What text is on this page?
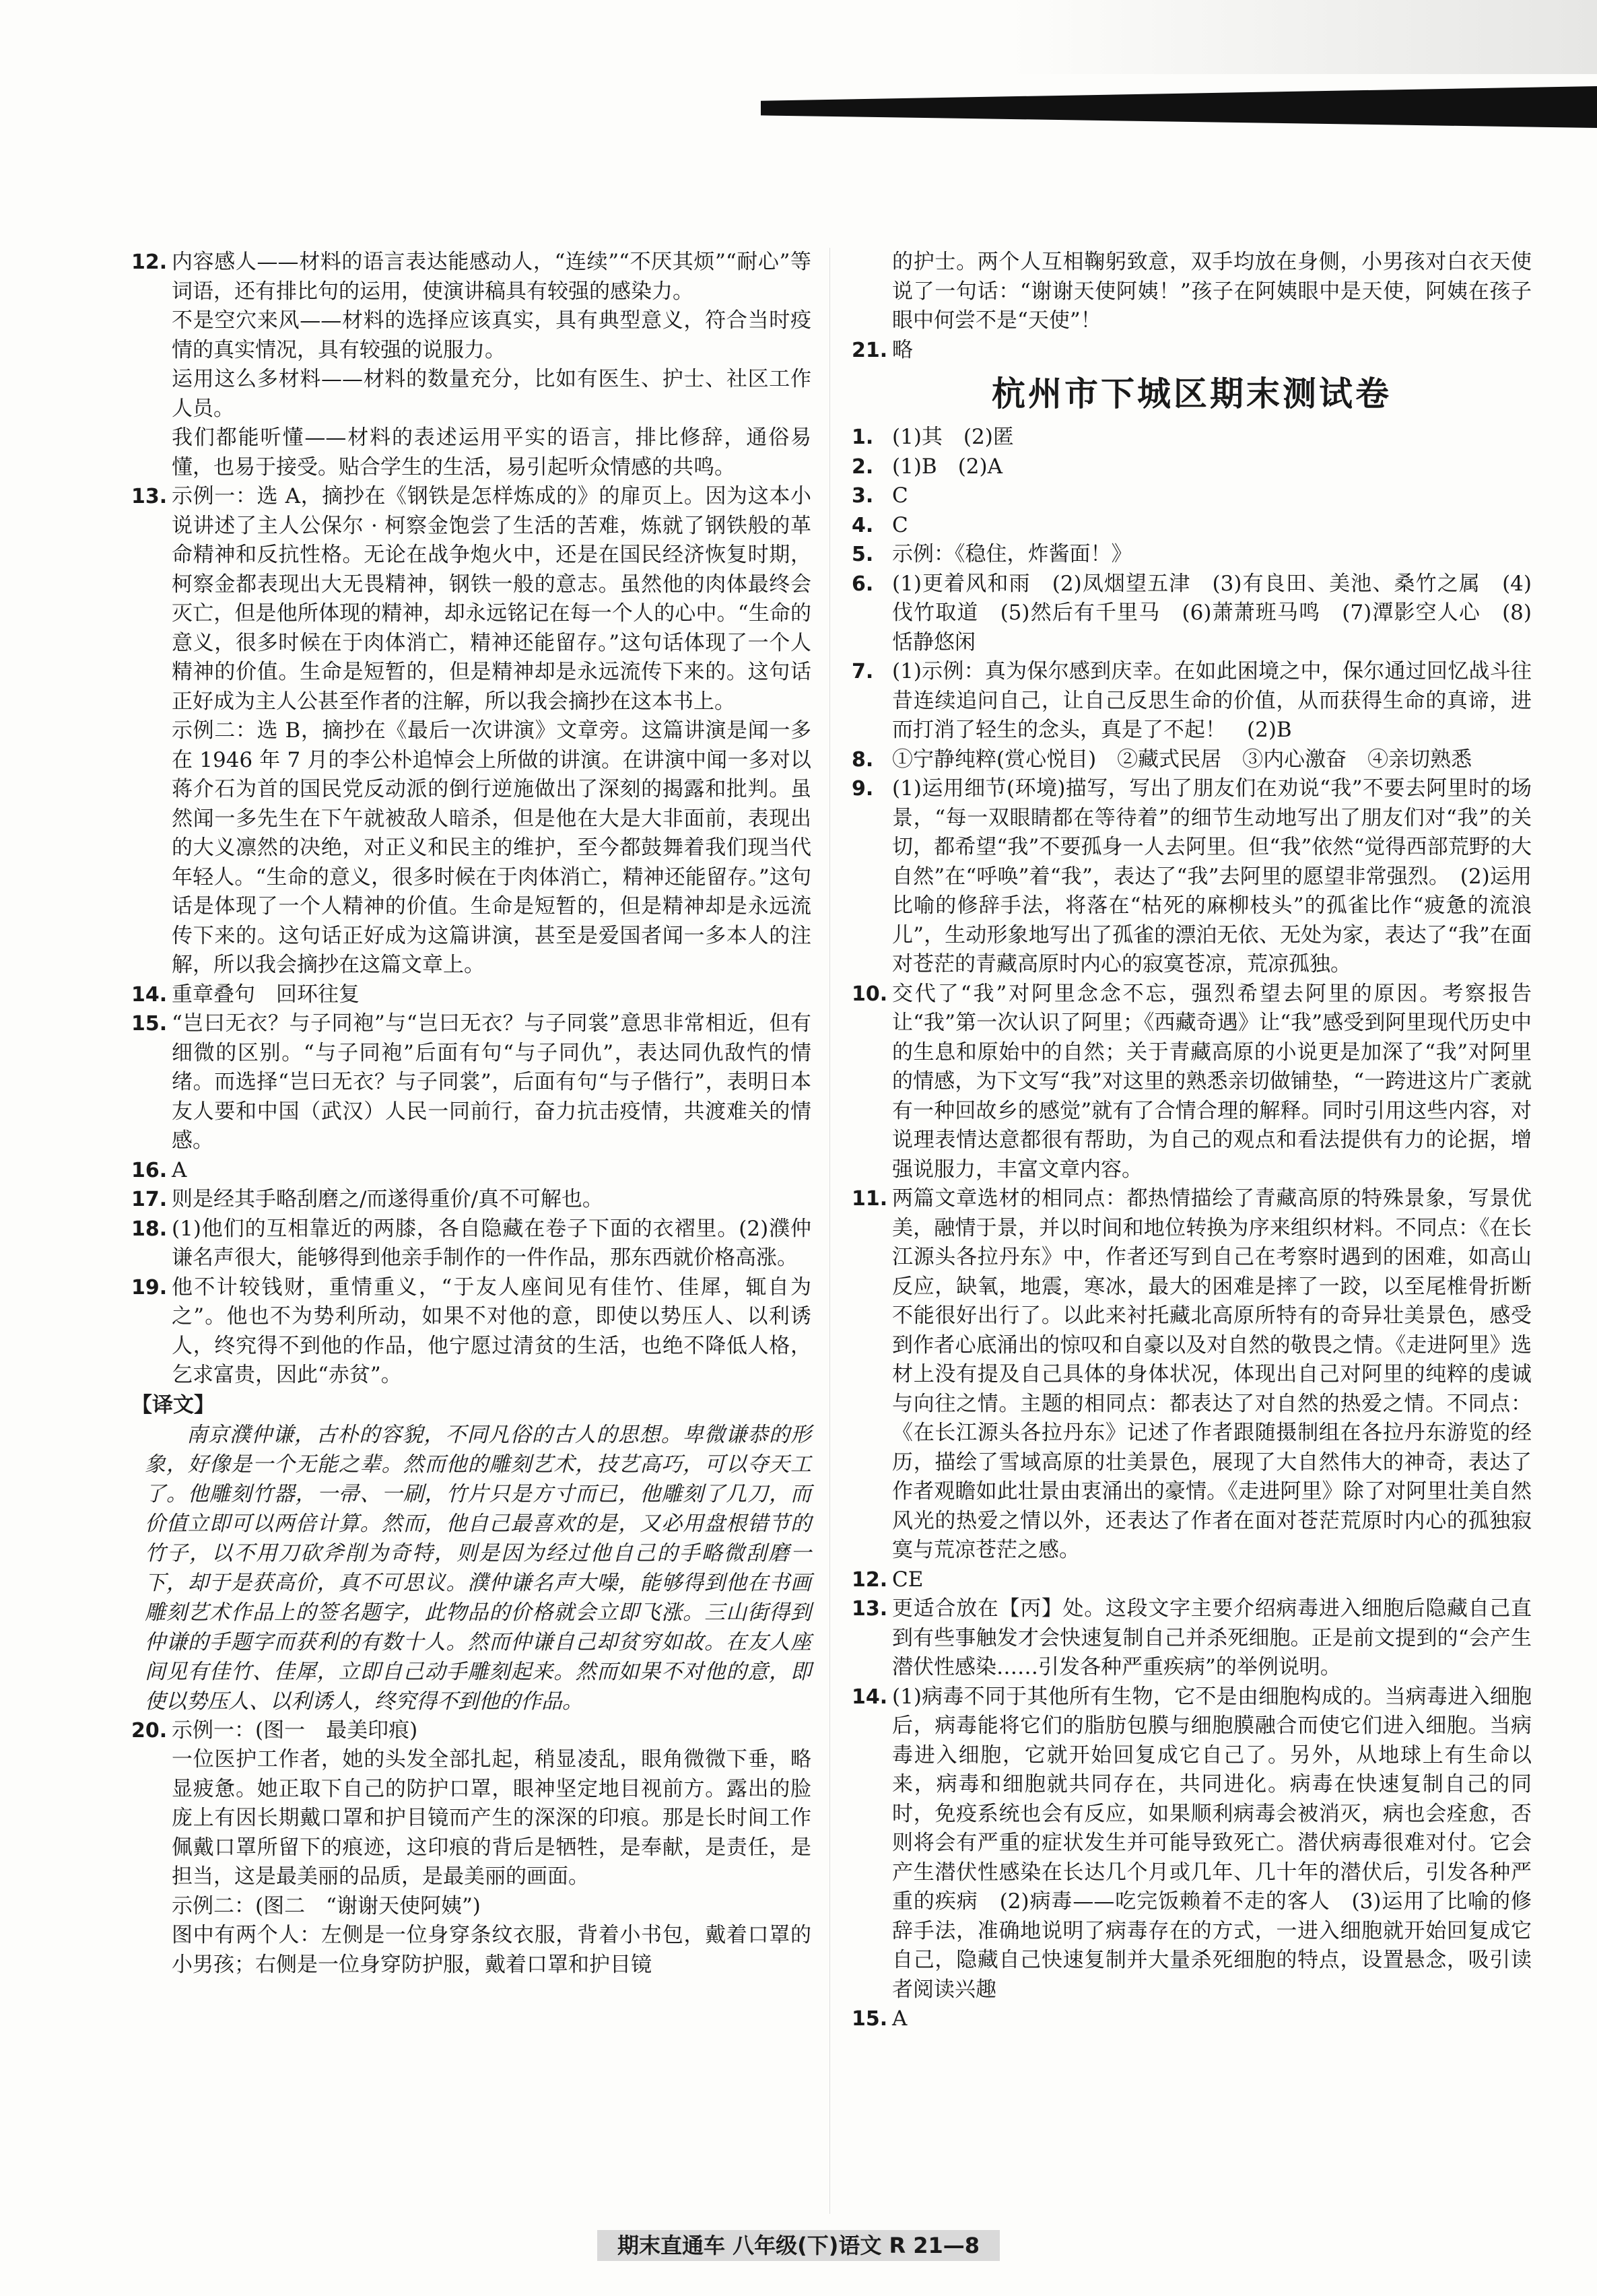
12. 内容感人——材料的语言表达能感动人，“连续”“不厌其烦”“耐心”等词语，还有排比句的运用，使演讲稿具有较强的感染力。

不是空穴来风——材料的选择应该真实，具有典型意义，符合当时疫情的真实情况，具有较强的说服力。

运用这么多材料——材料的数量充分，比如有医生、护士、社区工作人员。

我们都能听懂——材料的表述运用平实的语言，排比修辞，通俗易懂，也易于接受。贴合学生的生活，易引起听众情感的共鸣。

13. 示例一：选 A，摘抄在《钢铁是怎样炼成的》的扉页上。因为这本小说讲述了主人公保尔 · 柯察金饱尝了生活的苦难，炼就了钢铁般的革命精神和反抗性格。无论在战争炮火中，还是在国民经济恢复时期，柯察金都表现出大无畏精神，钢铁一般的意志。虽然他的肉体最终会灭亡，但是他所体现的精神，却永远铭记在每一个人的心中。“生命的意义，很多时候在于肉体消亡，精神还能留存。”这句话体现了一个人精神的价值。生命是短暂的，但是精神却是永远流传下来的。这句话正好成为主人公甚至作者的注解，所以我会摘抄在这本书上。

示例二：选 B，摘抄在《最后一次讲演》文章旁。这篇讲演是闻一多在 1946 年 7 月的李公朴追悼会上所做的讲演。在讲演中闻一多对以蒋介石为首的国民党反动派的倒行逆施做出了深刻的揭露和批判。虽然闻一多先生在下午就被敌人暗杀，但是他在大是大非面前，表现出的大义凛然的决绝，对正义和民主的维护，至今都鼓舞着我们现当代年轻人。“生命的意义，很多时候在于肉体消亡，精神还能留存。”这句话是体现了一个人精神的价值。生命是短暂的，但是精神却是永远流传下来的。这句话正好成为这篇讲演，甚至是爱国者闻一多本人的注解，所以我会摘抄在这篇文章上。

14. 重章叠句　回环往复

15. “岂曰无衣？与子同袍”与“岂曰无衣？与子同裳”意思非常相近，但有细微的区别。“与子同袍”后面有句“与子同仇”，表达同仇敌忾的情绪。而选择“岂曰无衣？与子同裳”，后面有句“与子偕行”，表明日本友人要和中国（武汉）人民一同前行，奋力抗击疫情，共渡难关的情感。

16. A

17. 则是经其手略刮磨之/而遂得重价/真不可解也。

18. (1)他们的互相靠近的两膝，各自隐藏在卷子下面的衣褶里。(2)濮仲谦名声很大，能够得到他亲手制作的一件作品，那东西就价格高涨。

19. 他不计较钱财，重情重义，“于友人座间见有佳竹、佳犀，辄自为之”。他也不为势利所动，如果不对他的意，即使以势压人、以利诱人，终究得不到他的作品，他宁愿过清贫的生活，也绝不降低人格，乞求富贵，因此“赤贫”。

【译文】
南京濮仲谦，古朴的容貌，不同凡俗的古人的思想。卑微谦恭的形象，好像是一个无能之辈。然而他的雕刻艺术，技艺高巧，可以夺天工了。他雕刻竹器，一帚、一刷，竹片只是方寸而已，他雕刻了几刀，而价值立即可以两倍计算。然而，他自己最喜欢的是，又必用盘根错节的竹子，以不用刀砍斧削为奇特，则是因为经过他自己的手略微刮磨一下，却于是获高价，真不可思议。濮仲谦名声大噪，能够得到他在书画雕刻艺术作品上的签名题字，此物品的价格就会立即飞涨。三山街得到仲谦的手题字而获利的有数十人。然而仲谦自己却贫穷如故。在友人座间见有佳竹、佳犀，立即自己动手雕刻起来。然而如果不对他的意，即使以势压人、以利诱人，终究得不到他的作品。
20. 示例一：(图一　最美印痕)

一位医护工作者，她的头发全部扎起，稍显凌乱，眼角微微下垂，略显疲惫。她正取下自己的防护口罩，眼神坚定地目视前方。露出的脸庞上有因长期戴口罩和护目镜而产生的深深的印痕。那是长时间工作佩戴口罩所留下的痕迹，这印痕的背后是牺牲，是奉献，是责任，是担当，这是最美丽的品质，是最美丽的画面。

示例二：(图二　“谢谢天使阿姨”)

图中有两个人：左侧是一位身穿条纹衣服，背着小书包，戴着口罩的小男孩；右侧是一位身穿防护服，戴着口罩和护目镜

的护士。两个人互相鞠躬致意，双手均放在身侧，小男孩对白衣天使说了一句话：“谢谢天使阿姨！”孩子在阿姨眼中是天使，阿姨在孩子眼中何尝不是“天使”！
21. 略

杭州市下城区期末测试卷
1. (1)其　(2)匿

2. (1)B　(2)A

3. C

4. C

5. 示例：《稳住，炸酱面！》

6. (1)更着风和雨　(2)凤烟望五津　(3)有良田、美池、桑竹之属　(4)伐竹取道　(5)然后有千里马　(6)萧萧班马鸣　(7)潭影空人心　(8)恬静悠闲

7. (1)示例：真为保尔感到庆幸。在如此困境之中，保尔通过回忆战斗往昔连续追问自己，让自己反思生命的价值，从而获得生命的真谛，进而打消了轻生的念头，真是了不起！　(2)B

8. ①宁静纯粹(赏心悦目)　②藏式民居　③内心激奋　④亲切熟悉

9. (1)运用细节(环境)描写，写出了朋友们在劝说“我”不要去阿里时的场景，“每一双眼睛都在等待着”的细节生动地写出了朋友们对“我”的关切，都希望“我”不要孤身一人去阿里。但“我”依然“觉得西部荒野的大自然”在“呼唤”着“我”，表达了“我”去阿里的愿望非常强烈。　(2)运用比喻的修辞手法，将落在“枯死的麻柳枝头”的孤雀比作“疲惫的流浪儿”，生动形象地写出了孤雀的漂泊无依、无处为家，表达了“我”在面对苍茫的青藏高原时内心的寂寞苍凉，荒凉孤独。

10. 交代了“我”对阿里念念不忘，强烈希望去阿里的原因。考察报告让“我”第一次认识了阿里；《西藏奇遇》让“我”感受到阿里现代历史中的生息和原始中的自然；关于青藏高原的小说更是加深了“我”对阿里的情感，为下文写“我”对这里的熟悉亲切做铺垫，“一跨进这片广袤就有一种回故乡的感觉”就有了合情合理的解释。同时引用这些内容，对说理表情达意都很有帮助，为自己的观点和看法提供有力的论据，增强说服力，丰富文章内容。

11. 两篇文章选材的相同点：都热情描绘了青藏高原的特殊景象，写景优美，融情于景，并以时间和地位转换为序来组织材料。不同点：《在长江源头各拉丹东》中，作者还写到自己在考察时遇到的困难，如高山反应，缺氧，地震，寒冰，最大的困难是摔了一跤，以至尾椎骨折断不能很好出行了。以此来衬托藏北高原所特有的奇异壮美景色，感受到作者心底涌出的惊叹和自豪以及对自然的敬畏之情。《走进阿里》选材上没有提及自己具体的身体状况，体现出自己对阿里的纯粹的虔诚与向往之情。主题的相同点：都表达了对自然的热爱之情。不同点：《在长江源头各拉丹东》记述了作者跟随摄制组在各拉丹东游览的经历，描绘了雪域高原的壮美景色，展现了大自然伟大的神奇，表达了作者观瞻如此壮景由衷涌出的豪情。《走进阿里》除了对阿里壮美自然风光的热爱之情以外，还表达了作者在面对苍茫荒原时内心的孤独寂寞与荒凉苍茫之感。

12. CE

13. 更适合放在【丙】处。这段文字主要介绍病毒进入细胞后隐藏自己直到有些事触发才会快速复制自己并杀死细胞。正是前文提到的“会产生潜伏性感染……引发各种严重疾病”的举例说明。

14. (1)病毒不同于其他所有生物，它不是由细胞构成的。当病毒进入细胞后，病毒能将它们的脂肪包膜与细胞膜融合而使它们进入细胞。当病毒进入细胞，它就开始回复成它自己了。另外，从地球上有生命以来，病毒和细胞就共同存在，共同进化。病毒在快速复制自己的同时，免疫系统也会有反应，如果顺利病毒会被消灭，病也会痊愈，否则将会有严重的症状发生并可能导致死亡。潜伏病毒很难对付。它会产生潜伏性感染在长达几个月或几年、几十年的潜伏后，引发各种严重的疾病　(2)病毒——吃完饭赖着不走的客人　(3)运用了比喻的修辞手法，准确地说明了病毒存在的方式，一进入细胞就开始回复成它自己，隐藏自己快速复制并大量杀死细胞的特点，设置悬念，吸引读者阅读兴趣

15. A

期末直通车 八年级(下)语文 R 21—8
